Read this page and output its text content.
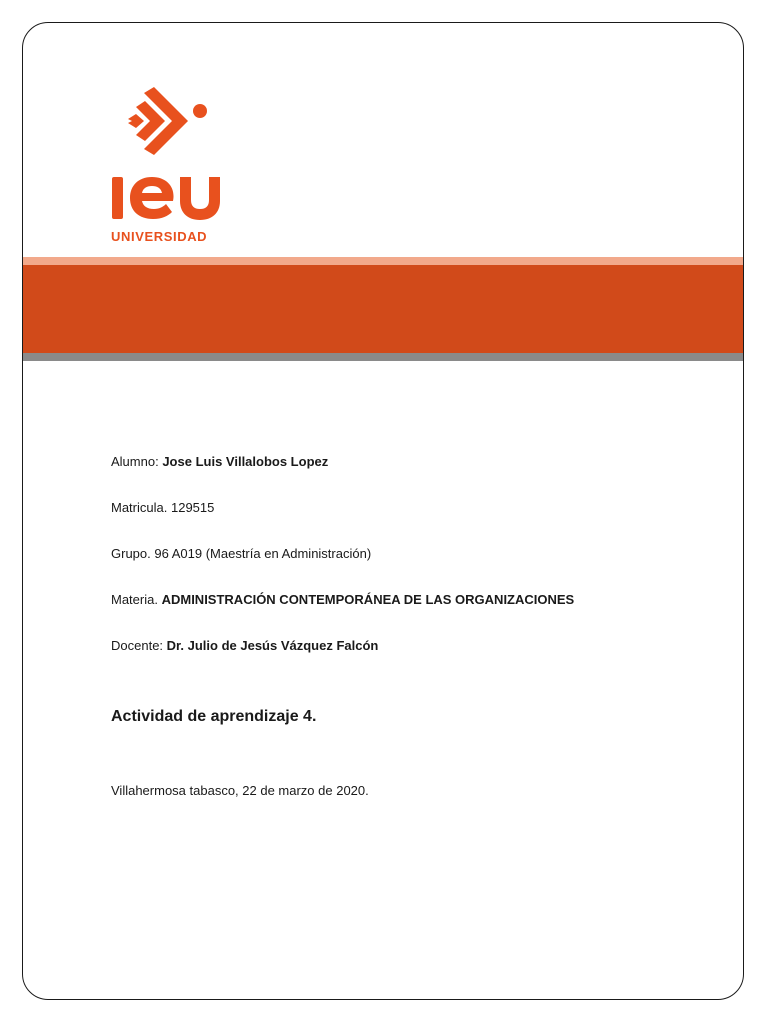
UNIVERSIDAD
Alumno: Jose Luis Villalobos Lopez
Matricula. 129515
Grupo. 96 A019 (Maestría en Administración)
Materia. ADMINISTRACIÓN CONTEMPORÁNEA DE LAS ORGANIZACIONES
Docente: Dr. Julio de Jesús Vázquez Falcón
Actividad de aprendizaje 4.
Villahermosa tabasco, 22 de marzo de 2020.
